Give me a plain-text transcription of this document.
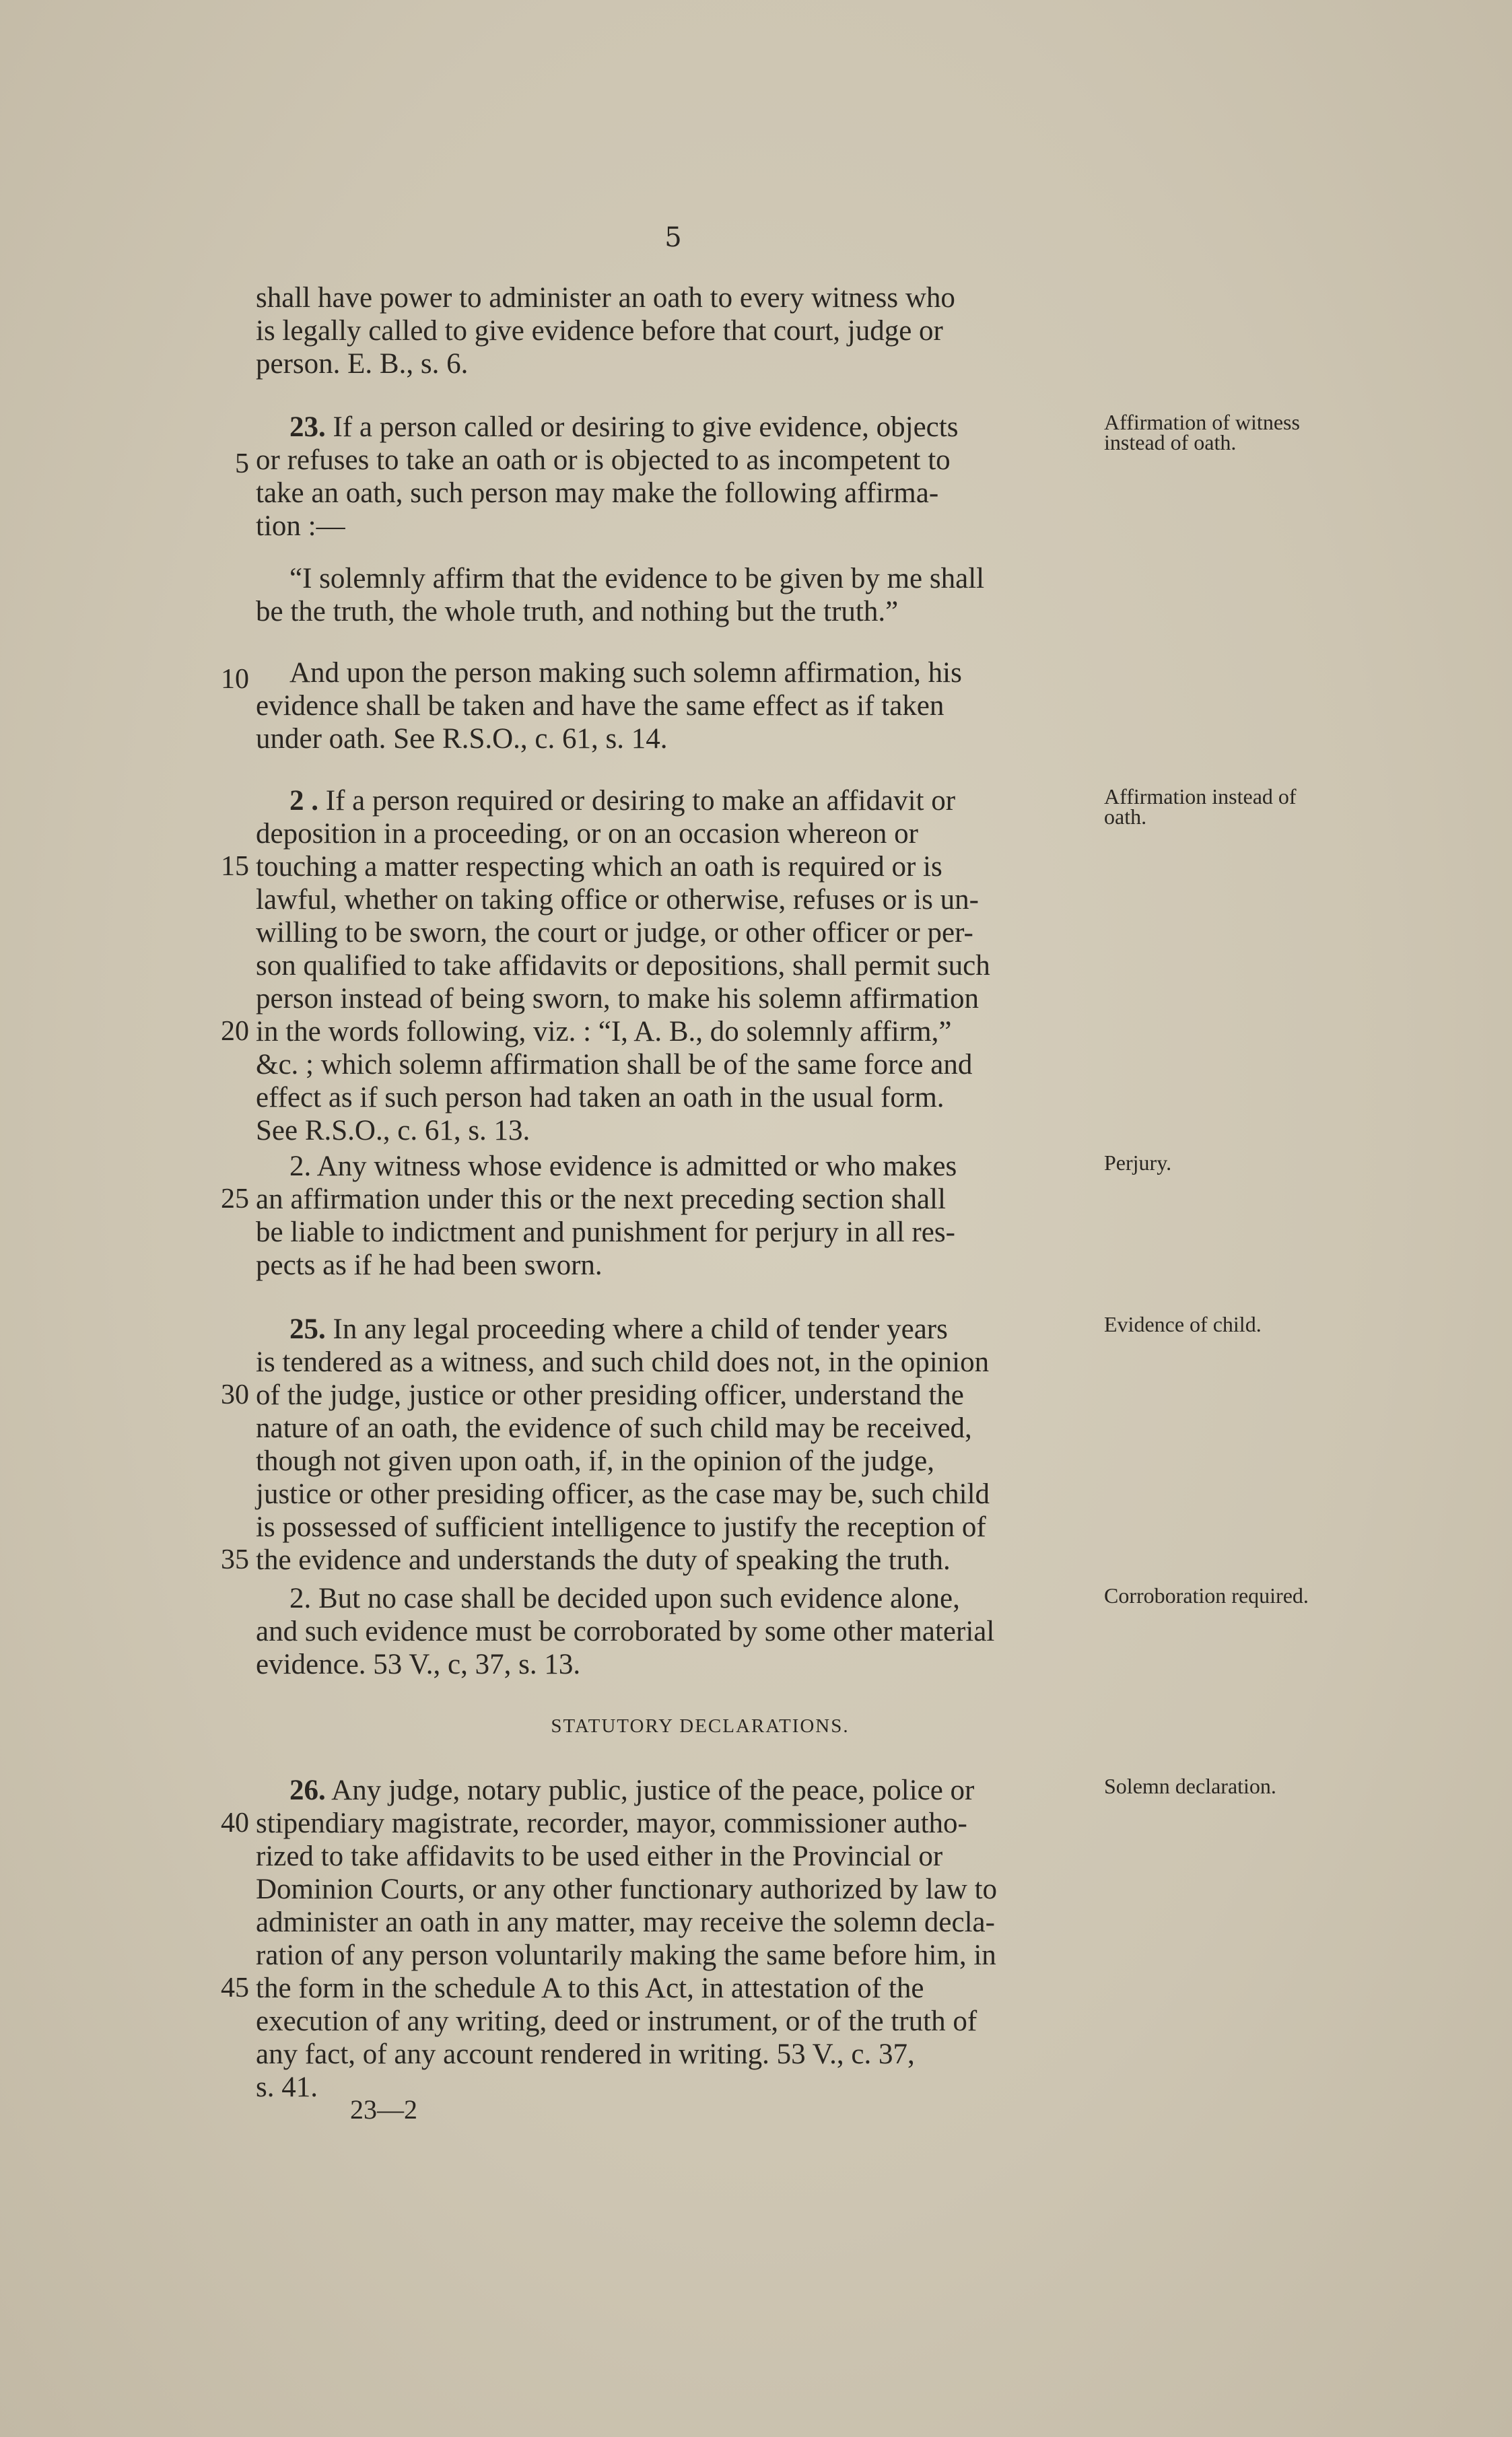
5
shall have power to administer an oath to every witness who
is legally called to give evidence before that court, judge or
person. E. B., s. 6.
23. If a person called or desiring to give evidence, objects
or refuses to take an oath or is objected to as incompetent to
take an oath, such person may make the following affirma-
tion :—
Affirmation of witness instead of oath.
“I solemnly affirm that the evidence to be given by me shall
be the truth, the whole truth, and nothing but the truth.”
And upon the person making such solemn affirmation, his
evidence shall be taken and have the same effect as if taken
under oath. See R.S.O., c. 61, s. 14.
2 . If a person required or desiring to make an affidavit or
deposition in a proceeding, or on an occasion whereon or
touching a matter respecting which an oath is required or is
lawful, whether on taking office or otherwise, refuses or is un-
willing to be sworn, the court or judge, or other officer or per-
son qualified to take affidavits or depositions, shall permit such
person instead of being sworn, to make his solemn affirmation
in the words following, viz. : “I, A. B., do solemnly affirm,”
&c. ; which solemn affirmation shall be of the same force and
effect as if such person had taken an oath in the usual form.
See R.S.O., c. 61, s. 13.
Affirmation instead of oath.
2. Any witness whose evidence is admitted or who makes
an affirmation under this or the next preceding section shall
be liable to indictment and punishment for perjury in all res-
pects as if he had been sworn.
Perjury.
25. In any legal proceeding where a child of tender years
is tendered as a witness, and such child does not, in the opinion
of the judge, justice or other presiding officer, understand the
nature of an oath, the evidence of such child may be received,
though not given upon oath, if, in the opinion of the judge,
justice or other presiding officer, as the case may be, such child
is possessed of sufficient intelligence to justify the reception of
the evidence and understands the duty of speaking the truth.
Evidence of child.
2. But no case shall be decided upon such evidence alone,
and such evidence must be corroborated by some other material
evidence. 53 V., c, 37, s. 13.
Corroboration required.
STATUTORY DECLARATIONS.
26. Any judge, notary public, justice of the peace, police or
stipendiary magistrate, recorder, mayor, commissioner autho-
rized to take affidavits to be used either in the Provincial or
Dominion Courts, or any other functionary authorized by law to
administer an oath in any matter, may receive the solemn decla-
ration of any person voluntarily making the same before him, in
the form in the schedule A to this Act, in attestation of the
execution of any writing, deed or instrument, or of the truth of
any fact, of any account rendered in writing. 53 V., c. 37,
s. 41.
Solemn declaration.
23—2
5
10
15
20
25
30
35
40
45
